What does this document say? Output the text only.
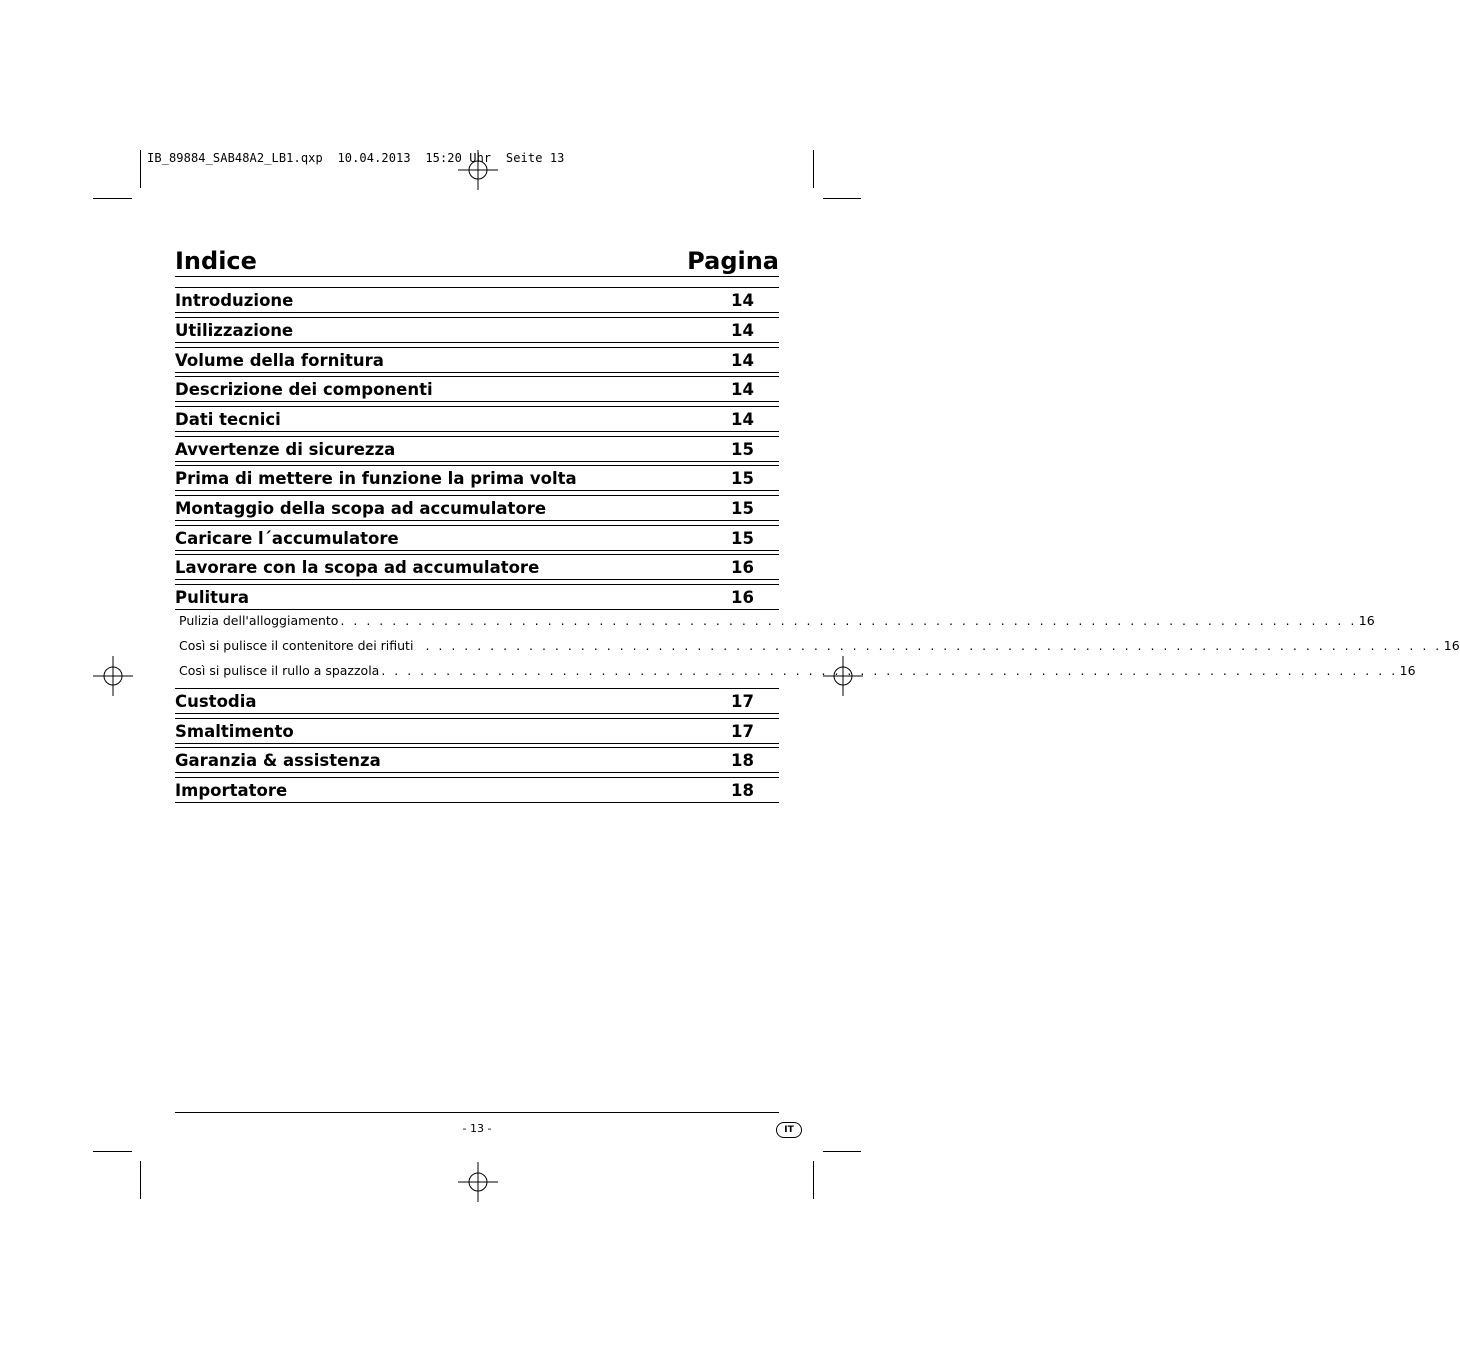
IB_89884_SAB48A2_LB1.qxp  10.04.2013  15:20 Uhr  Seite 13
Indice	Pagina
Introduzione	14
Utilizzazione	14
Volume della fornitura	14
Descrizione dei componenti	14
Dati tecnici	14
Avvertenze di sicurezza	15
Prima di mettere in funzione la prima volta	15
Montaggio della scopa ad accumulatore	15
Caricare l´accumulatore	15
Lavorare con la scopa ad accumulatore	16
Pulitura	16
Pulizia dell'alloggiamento . . . . . . . . . . . . . . . . . . . . . . . . . . . . . . . . . . . . . . . . . . . . . . . . . . . . . . . . . . . . . . . . . . . . . . . . . . . . . . . 16
Così si pulisce il contenitore dei rifiuti . . . . . . . . . . . . . . . . . . . . . . . . . . . . . . . . . . . . . . . . . . . . . . . . . . . . . . . . . . . . . . . . . . . . . . . . . . . . . . . 16
Così si pulisce il rullo a spazzola . . . . . . . . . . . . . . . . . . . . . . . . . . . . . . . . . . . . . . . . . . . . . . . . . . . . . . . . . . . . . . . . . . . . . . . . . . . . . . . 16
Custodia	17
Smaltimento	17
Garanzia & assistenza	18
Importatore	18
- 13 -	IT
